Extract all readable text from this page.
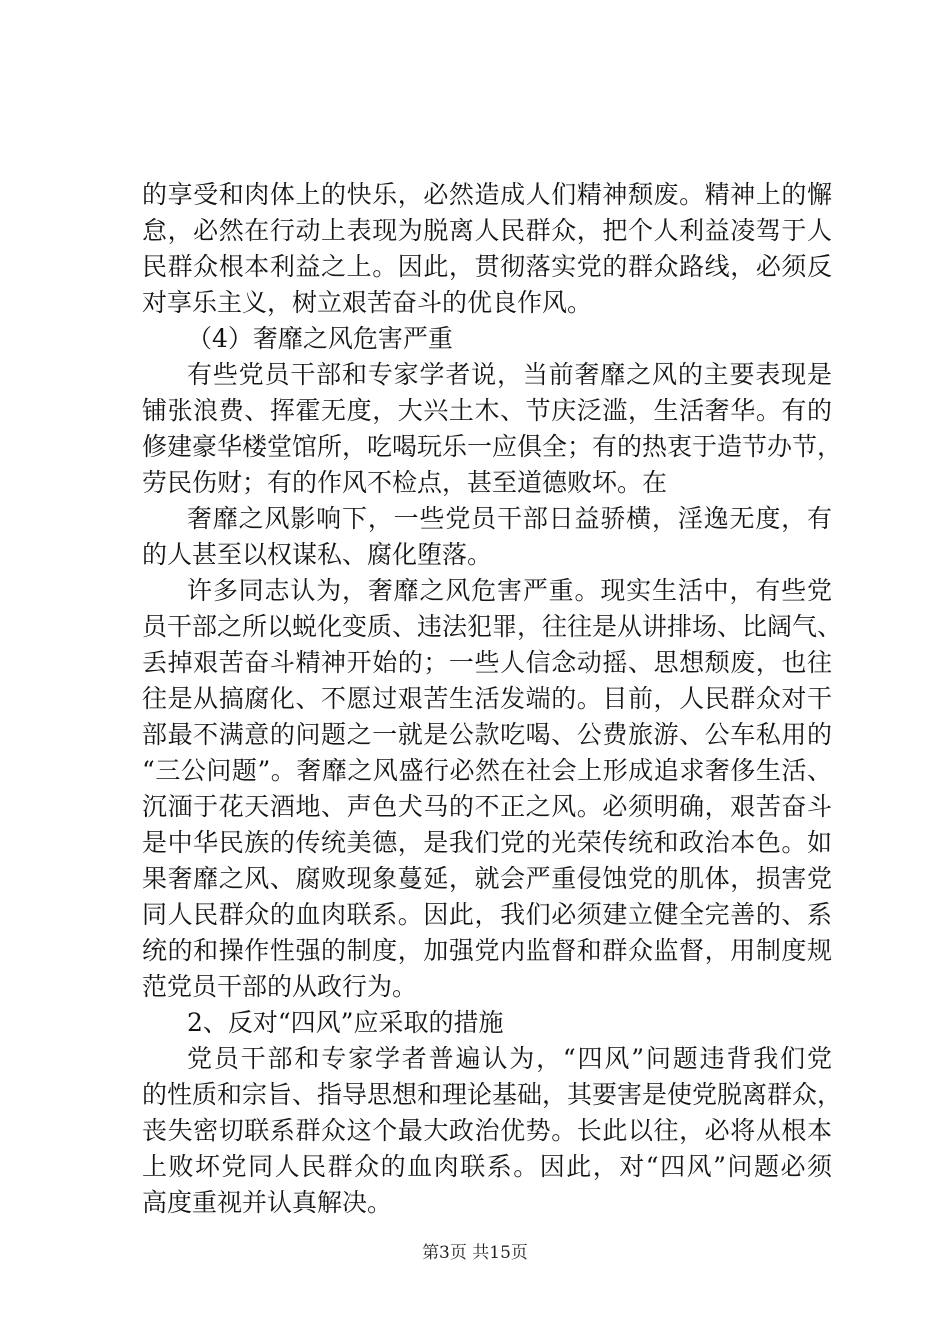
的享受和肉体上的快乐，必然造成人们精神颓废。精神上的懈
怠，必然在行动上表现为脱离人民群众，把个人利益凌驾于人
民群众根本利益之上。因此，贯彻落实党的群众路线，必须反
对享乐主义，树立艰苦奋斗的优良作风。
（4）奢靡之风危害严重
有些党员干部和专家学者说，当前奢靡之风的主要表现是
铺张浪费、挥霍无度，大兴土木、节庆泛滥，生活奢华。有的
修建豪华楼堂馆所，吃喝玩乐一应俱全；有的热衷于造节办节，
劳民伤财；有的作风不检点，甚至道德败坏。在
奢靡之风影响下，一些党员干部日益骄横，淫逸无度，有
的人甚至以权谋私、腐化堕落。
许多同志认为，奢靡之风危害严重。现实生活中，有些党
员干部之所以蜕化变质、违法犯罪，往往是从讲排场、比阔气、
丢掉艰苦奋斗精神开始的；一些人信念动摇、思想颓废，也往
往是从搞腐化、不愿过艰苦生活发端的。目前，人民群众对干
部最不满意的问题之一就是公款吃喝、公费旅游、公车私用的
“三公问题”。奢靡之风盛行必然在社会上形成追求奢侈生活、
沉湎于花天酒地、声色犬马的不正之风。必须明确，艰苦奋斗
是中华民族的传统美德，是我们党的光荣传统和政治本色。如
果奢靡之风、腐败现象蔓延，就会严重侵蚀党的肌体，损害党
同人民群众的血肉联系。因此，我们必须建立健全完善的、系
统的和操作性强的制度，加强党内监督和群众监督，用制度规
范党员干部的从政行为。
2、反对“四风”应采取的措施
党员干部和专家学者普遍认为，“四风”问题违背我们党
的性质和宗旨、指导思想和理论基础，其要害是使党脱离群众，
丧失密切联系群众这个最大政治优势。长此以往，必将从根本
上败坏党同人民群众的血肉联系。因此，对“四风”问题必须
高度重视并认真解决。
第3页 共15页
